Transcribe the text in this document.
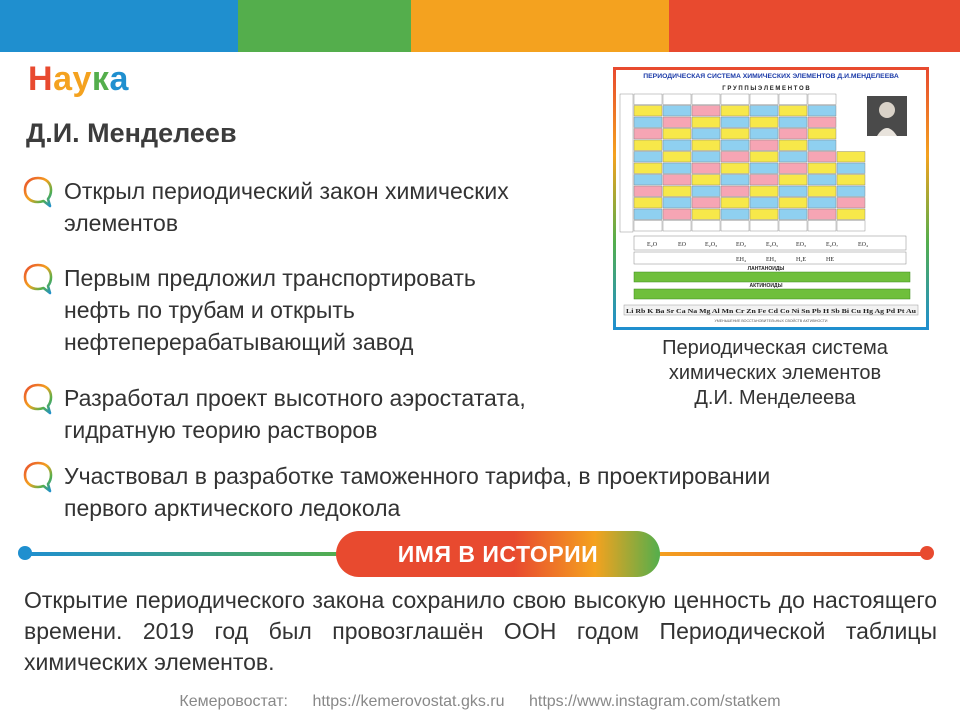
Наука
Д.И. Менделеев
Открыл периодический закон химических
элементов
Первым предложил транспортировать
нефть по трубам и открыть
нефтеперерабатывающий завод
Разработал проект высотного аэростатата,
гидратную теорию растворов
Участвовал в разработке таможенного тарифа, в проектировании
первого арктического ледокола
ПЕРИОДИЧЕСКАЯ СИСТЕМА ХИМИЧЕСКИХ ЭЛЕМЕНТОВ Д.И.МЕНДЕЛЕЕВА
Г Р У П П Ы Э Л Е М Е Н Т О В
E₂O	EO	E₂O₃	EO₂	E₂O₅	EO₃	E₂O₇	EO₄
EH₄	EH₃	H₂E	HE
ЛАНТАНОИДЫ
АКТИНОИДЫ
Li Rb K Ba Sr Ca Na Mg Al Mn Cr Zn Fe Cd Co Ni Sn Pb H Sb Bi Cu Hg Ag Pd Pt Au
УМЕНЬШЕНИЕ ВОССТАНОВИТЕЛЬНЫХ СВОЙСТВ АКТИВНОСТИ
Периодическая система
химических элементов
Д.И. Менделеева
ИМЯ В ИСТОРИИ
Открытие периодического закона сохранило свою высокую ценность до настоящего времени. 2019 год был провозглашён ООН годом Периодической таблицы химических элементов.
Кемеровостат: https://kemerovostat.gks.ru https://www.instagram.com/statkem
